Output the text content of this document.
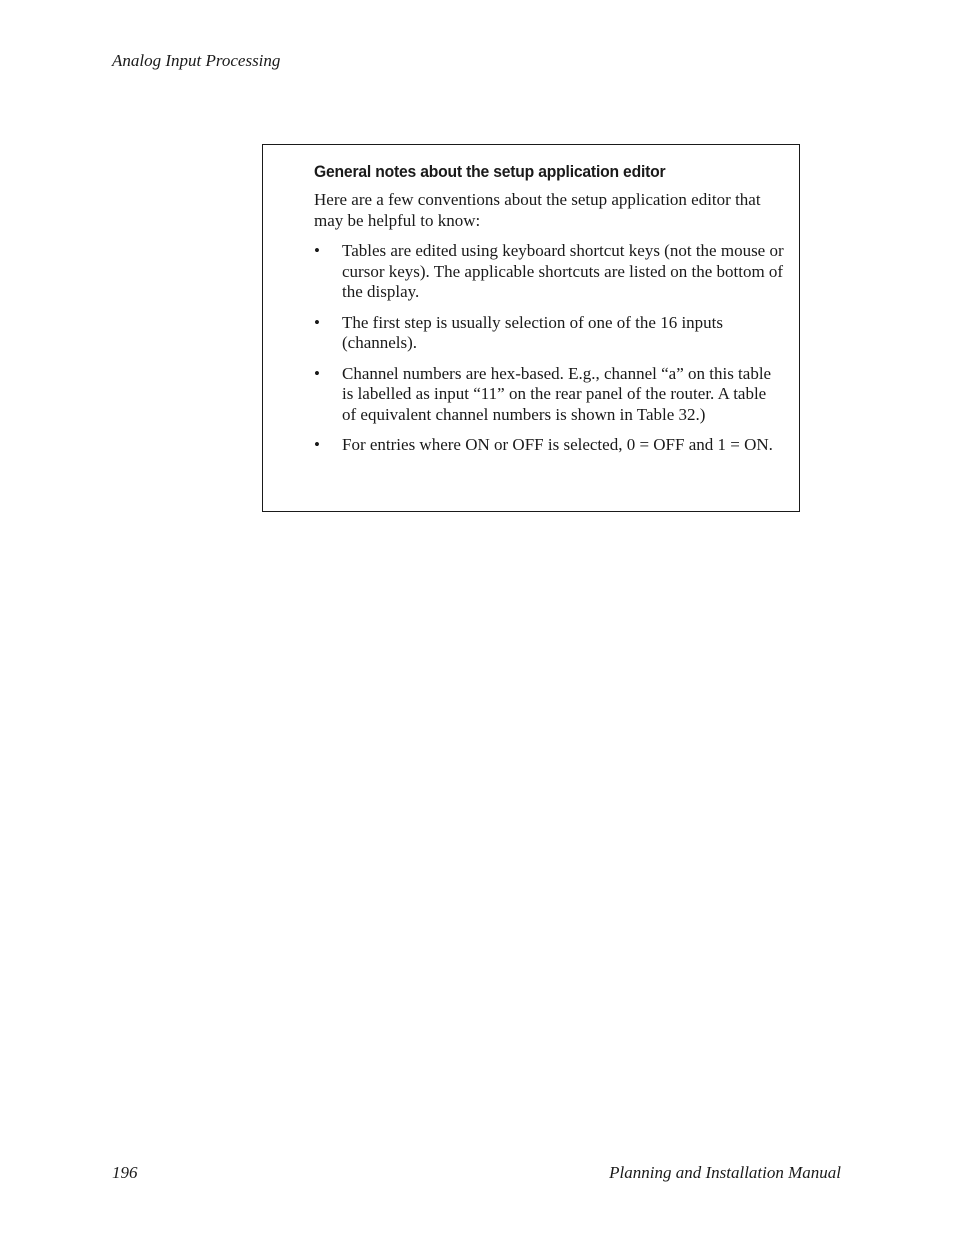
Analog Input Processing
General notes about the setup application editor
Here are a few conventions about the setup application editor that may be helpful to know:
•	Tables are edited using keyboard shortcut keys (not the mouse or cursor keys). The applicable shortcuts are listed on the bottom of the display.
•	The first step is usually selection of one of the 16 inputs (channels).
•	Channel numbers are hex-based. E.g., channel “a” on this table is labelled as input “11” on the rear panel of the router. A table of equivalent channel numbers is shown in Table 32.)
•	For entries where ON or OFF is selected, 0 = OFF and 1 = ON.
196	Planning and Installation Manual
